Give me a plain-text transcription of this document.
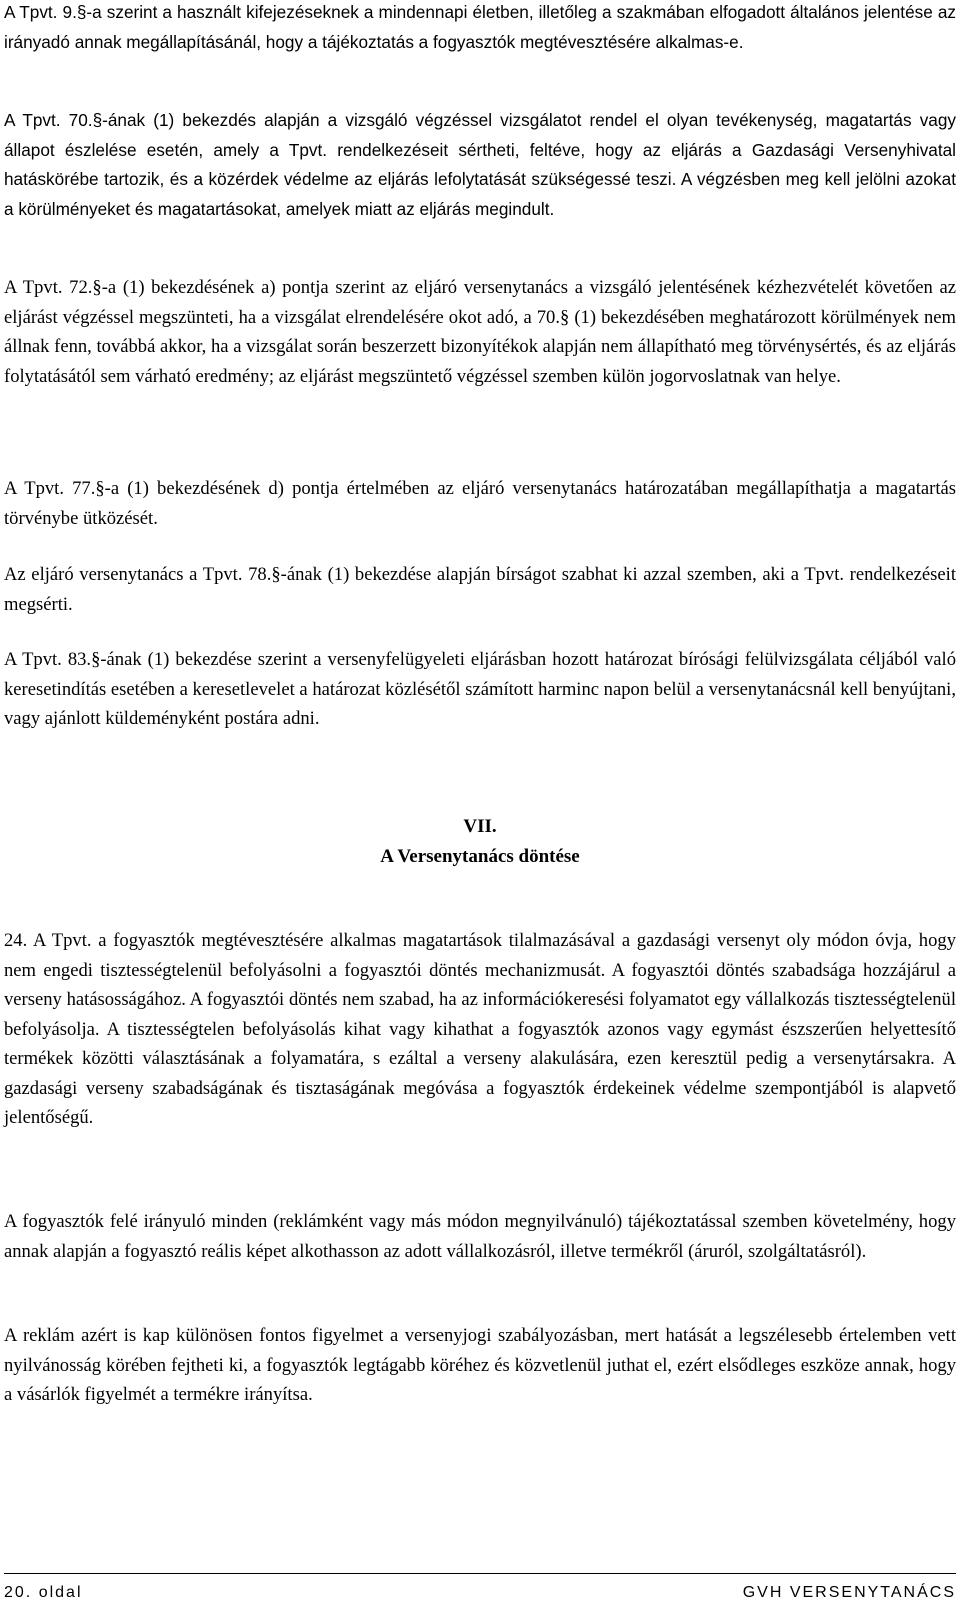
A Tpvt. 9.§-a szerint a használt kifejezéseknek a mindennapi életben, illetőleg a szakmában elfogadott általános jelentése az irányadó annak megállapításánál, hogy a tájékoztatás a fogyasztók megtévesztésére alkalmas-e.

A Tpvt. 70.§-ának (1) bekezdés alapján a vizsgáló végzéssel vizsgálatot rendel el olyan tevékenység, magatartás vagy állapot észlelése esetén, amely a Tpvt. rendelkezéseit sértheti, feltéve, hogy az eljárás a Gazdasági Versenyhivatal hatáskörébe tartozik, és a közérdek védelme az eljárás lefolytatását szükségessé teszi. A végzésben meg kell jelölni azokat a körülményeket és magatartásokat, amelyek miatt az eljárás megindult.

A Tpvt. 72.§-a (1) bekezdésének a) pontja szerint az eljáró versenytanács a vizsgáló jelentésének kézhezvételét követően az eljárást végzéssel megszünteti, ha a vizsgálat elrendelésére okot adó, a 70.§ (1) bekezdésében meghatározott körülmények nem állnak fenn, továbbá akkor, ha a vizsgálat során beszerzett bizonyítékok alapján nem állapítható meg törvénysértés, és az eljárás folytatásától sem várható eredmény; az eljárást megszüntető végzéssel szemben külön jogorvoslatnak van helye.

A Tpvt. 77.§-a (1) bekezdésének d) pontja értelmében az eljáró versenytanács határozatában megállapíthatja a magatartás törvénybe ütközését.

Az eljáró versenytanács a Tpvt. 78.§-ának (1) bekezdése alapján bírságot szabhat ki azzal szemben, aki a Tpvt. rendelkezéseit megsérti.

A Tpvt. 83.§-ának (1) bekezdése szerint a versenyfelügyeleti eljárásban hozott határozat bírósági felülvizsgálata céljából való keresetindítás esetében a keresetlevelet a határozat közlésétől számított harminc napon belül a versenytanácsnál kell benyújtani, vagy ajánlott küldeményként postára adni.

VII.
A Versenytanács döntése

24. A Tpvt. a fogyasztók megtévesztésére alkalmas magatartások tilalmazásával a gazdasági versenyt oly módon óvja, hogy nem engedi tisztességtelenül befolyásolni a fogyasztói döntés mechanizmusát. A fogyasztói döntés szabadsága hozzájárul a verseny hatásosságához. A fogyasztói döntés nem szabad, ha az információkeresési folyamatot egy vállalkozás tisztességtelenül befolyásolja. A tisztességtelen befolyásolás kihat vagy kihathat a fogyasztók azonos vagy egymást észszerűen helyettesítő termékek közötti választásának a folyamatára, s ezáltal a verseny alakulására, ezen keresztül pedig a versenytársakra. A gazdasági verseny szabadságának és tisztaságának megóvása a fogyasztók érdekeinek védelme szempontjából is alapvető jelentőségű.

A fogyasztók felé irányuló minden (reklámként vagy más módon megnyilvánuló) tájékoztatással szemben követelmény, hogy annak alapján a fogyasztó reális képet alkothasson az adott vállalkozásról, illetve termékről (áruról, szolgáltatásról).

A reklám azért is kap különösen fontos figyelmet a versenyjogi szabályozásban, mert hatását a legszélesebb értelemben vett nyilvánosság körében fejtheti ki, a fogyasztók legtágabb köréhez és közvetlenül juthat el, ezért elsődleges eszköze annak, hogy a vásárlók figyelmét a termékre irányítsa.

20. oldal	GVH VERSENYTANÁCS
